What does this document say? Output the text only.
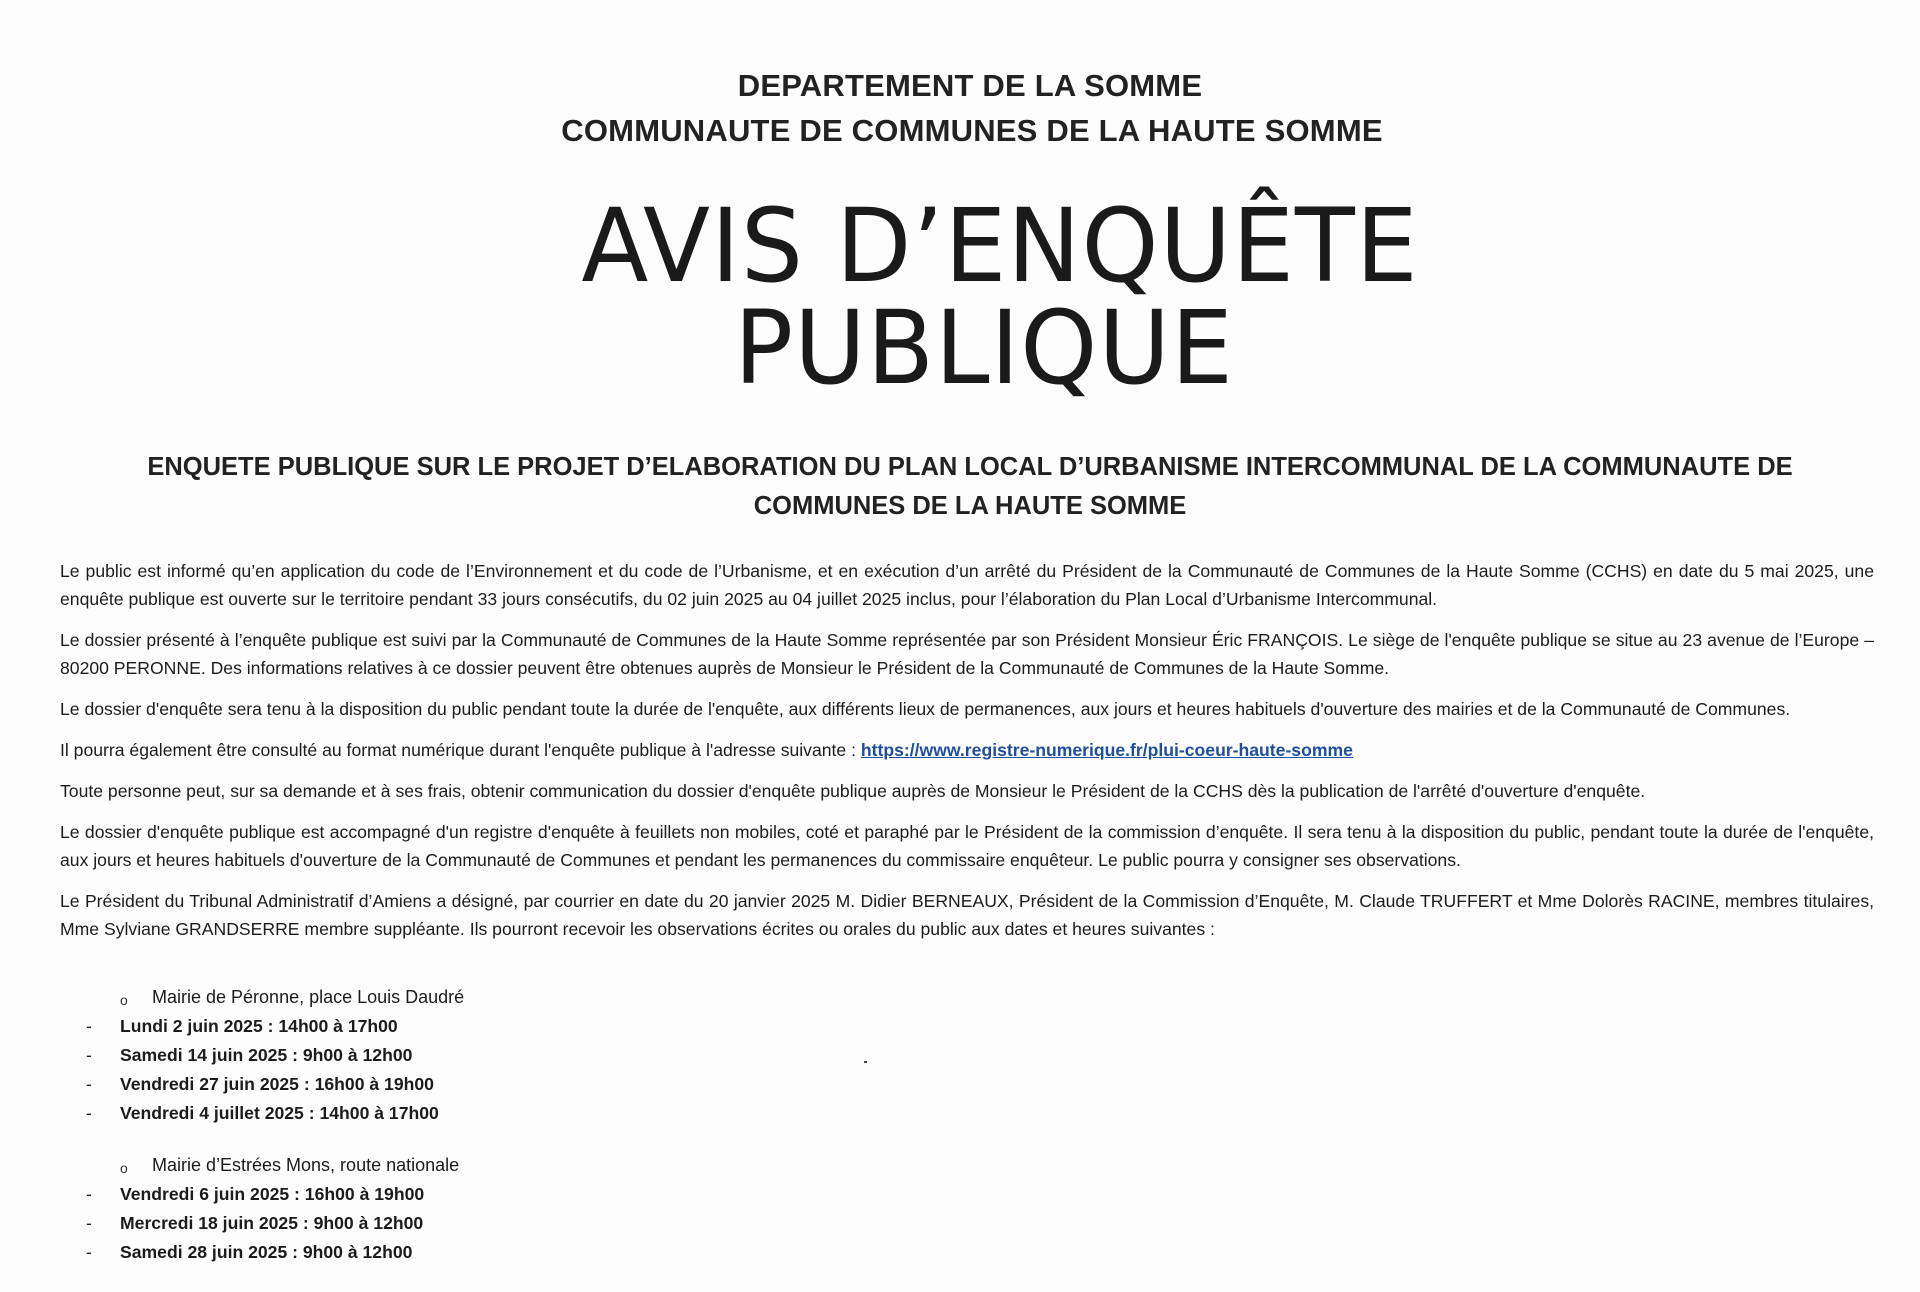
DEPARTEMENT DE LA SOMME
COMMUNAUTE DE COMMUNES DE LA HAUTE SOMME
AVIS D’ENQUÊTE
PUBLIQUE
ENQUETE PUBLIQUE SUR LE PROJET D’ELABORATION DU PLAN LOCAL D’URBANISME INTERCOMMUNAL DE LA COMMUNAUTE DE COMMUNES DE LA HAUTE SOMME

Le public est informé qu’en application du code de l’Environnement et du code de l’Urbanisme, et en exécution d’un arrêté du Président de la Communauté de Communes de la Haute Somme (CCHS) en date du 5 mai 2025, une enquête publique est ouverte sur le territoire pendant 33 jours consécutifs, du 02 juin 2025 au 04 juillet 2025 inclus, pour l’élaboration du Plan Local d’Urbanisme Intercommunal.

Le dossier présenté à l’enquête publique est suivi par la Communauté de Communes de la Haute Somme représentée par son Président Monsieur Éric FRANÇOIS. Le siège de l'enquête publique se situe au 23 avenue de l’Europe – 80200 PERONNE. Des informations relatives à ce dossier peuvent être obtenues auprès de Monsieur le Président de la Communauté de Communes de la Haute Somme.

Le dossier d'enquête sera tenu à la disposition du public pendant toute la durée de l'enquête, aux différents lieux de permanences, aux jours et heures habituels d'ouverture des mairies et de la Communauté de Communes.

Il pourra également être consulté au format numérique durant l'enquête publique à l'adresse suivante : https://www.registre-numerique.fr/plui-coeur-haute-somme

Toute personne peut, sur sa demande et à ses frais, obtenir communication du dossier d'enquête publique auprès de Monsieur le Président de la CCHS dès la publication de l'arrêté d'ouverture d'enquête.

Le dossier d'enquête publique est accompagné d'un registre d'enquête à feuillets non mobiles, coté et paraphé par le Président de la commission d’enquête. Il sera tenu à la disposition du public, pendant toute la durée de l'enquête, aux jours et heures habituels d'ouverture de la Communauté de Communes et pendant les permanences du commissaire enquêteur. Le public pourra y consigner ses observations.

Le Président du Tribunal Administratif d’Amiens a désigné, par courrier en date du 20 janvier 2025 M. Didier BERNEAUX, Président de la Commission d’Enquête, M. Claude TRUFFERT et Mme Dolorès RACINE, membres titulaires, Mme Sylviane GRANDSERRE membre suppléante. Ils pourront recevoir les observations écrites ou orales du public aux dates et heures suivantes :

o Mairie de Péronne, place Louis Daudré
- Lundi 2 juin 2025 : 14h00 à 17h00
- Samedi 14 juin 2025 : 9h00 à 12h00
- Vendredi 27 juin 2025 : 16h00 à 19h00
- Vendredi 4 juillet 2025 : 14h00 à 17h00
o Mairie d’Estrées Mons, route nationale
- Vendredi 6 juin 2025 : 16h00 à 19h00
- Mercredi 18 juin 2025 : 9h00 à 12h00
- Samedi 28 juin 2025 : 9h00 à 12h00
